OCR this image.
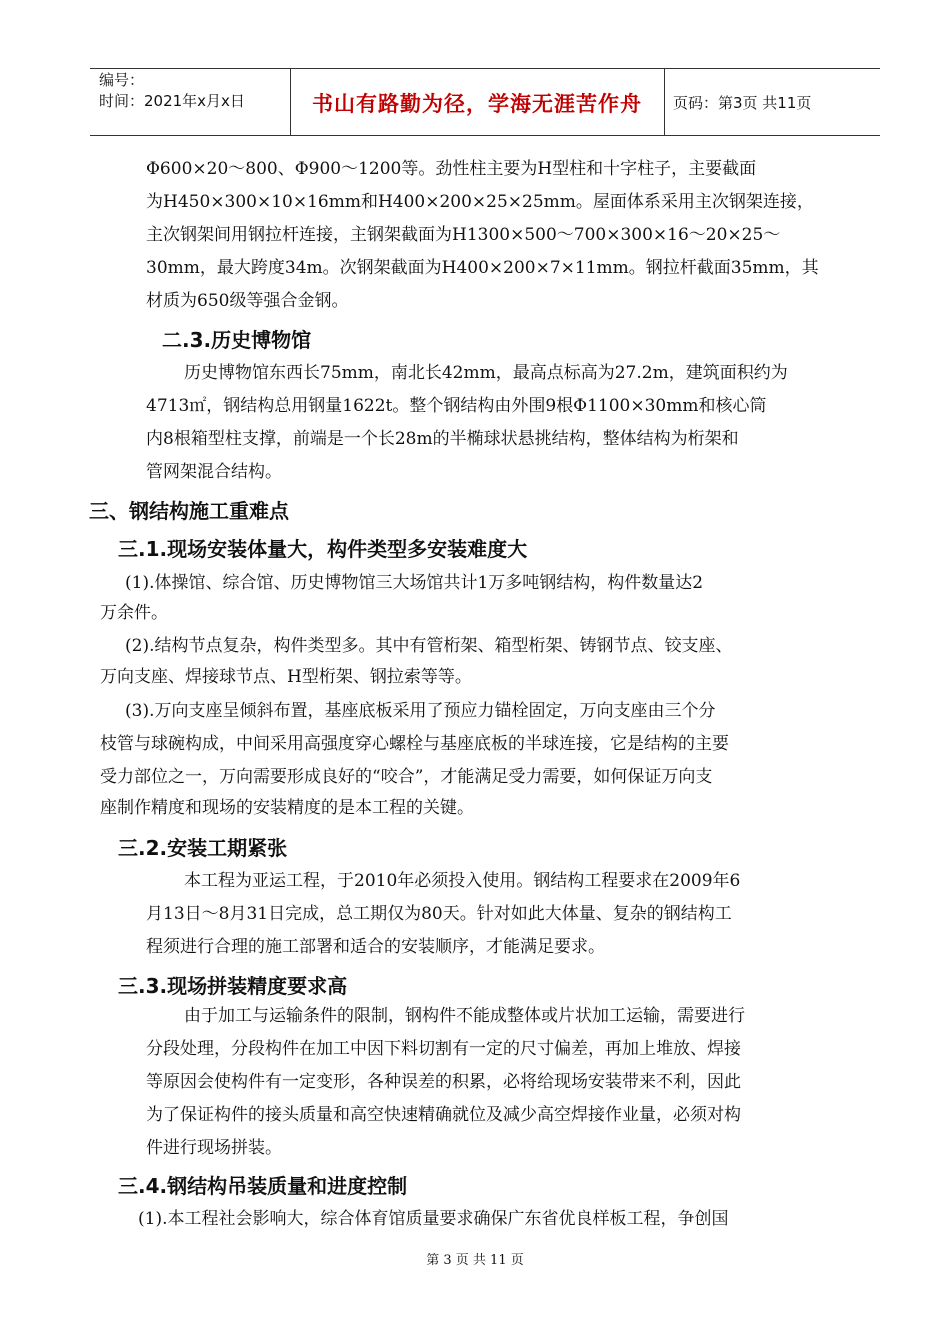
编号：
时间：2021年x月x日	书山有路勤为径，学海无涯苦作舟	页码：第3页 共11页
Φ600×20～800、Φ900～1200等。劲性柱主要为H型柱和十字柱子，主要截面
为H450×300×10×16mm和H400×200×25×25mm。屋面体系采用主次钢架连接，
主次钢架间用钢拉杆连接，主钢架截面为H1300×500～700×300×16～20×25～
30mm，最大跨度34m。次钢架截面为H400×200×7×11mm。钢拉杆截面35mm，其
材质为650级等强合金钢。
二.3.历史博物馆
历史博物馆东西长75mm，南北长42mm，最高点标高为27.2m，建筑面积约为
4713㎡，钢结构总用钢量1622t。整个钢结构由外围9根Φ1100×30mm和核心筒
内8根箱型柱支撑，前端是一个长28m的半椭球状悬挑结构，整体结构为桁架和
管网架混合结构。
三、钢结构施工重难点
三.1.现场安装体量大，构件类型多安装难度大
(1).体操馆、综合馆、历史博物馆三大场馆共计1万多吨钢结构，构件数量达2
万余件。
(2).结构节点复杂，构件类型多。其中有管桁架、箱型桁架、铸钢节点、铰支座、
万向支座、焊接球节点、H型桁架、钢拉索等等。
(3).万向支座呈倾斜布置，基座底板采用了预应力锚栓固定，万向支座由三个分
枝管与球碗构成，中间采用高强度穿心螺栓与基座底板的半球连接，它是结构的主要
受力部位之一，万向需要形成良好的“咬合”，才能满足受力需要，如何保证万向支
座制作精度和现场的安装精度的是本工程的关键。
三.2.安装工期紧张
本工程为亚运工程，于2010年必须投入使用。钢结构工程要求在2009年6
月13日～8月31日完成，总工期仅为80天。针对如此大体量、复杂的钢结构工
程须进行合理的施工部署和适合的安装顺序，才能满足要求。
三.3.现场拼装精度要求高
由于加工与运输条件的限制，钢构件不能成整体或片状加工运输，需要进行
分段处理，分段构件在加工中因下料切割有一定的尺寸偏差，再加上堆放、焊接
等原因会使构件有一定变形，各种误差的积累，必将给现场安装带来不利，因此
为了保证构件的接头质量和高空快速精确就位及减少高空焊接作业量，必须对构
件进行现场拼装。
三.4.钢结构吊装质量和进度控制
(1).本工程社会影响大，综合体育馆质量要求确保广东省优良样板工程，争创国
第 3 页 共 11 页
